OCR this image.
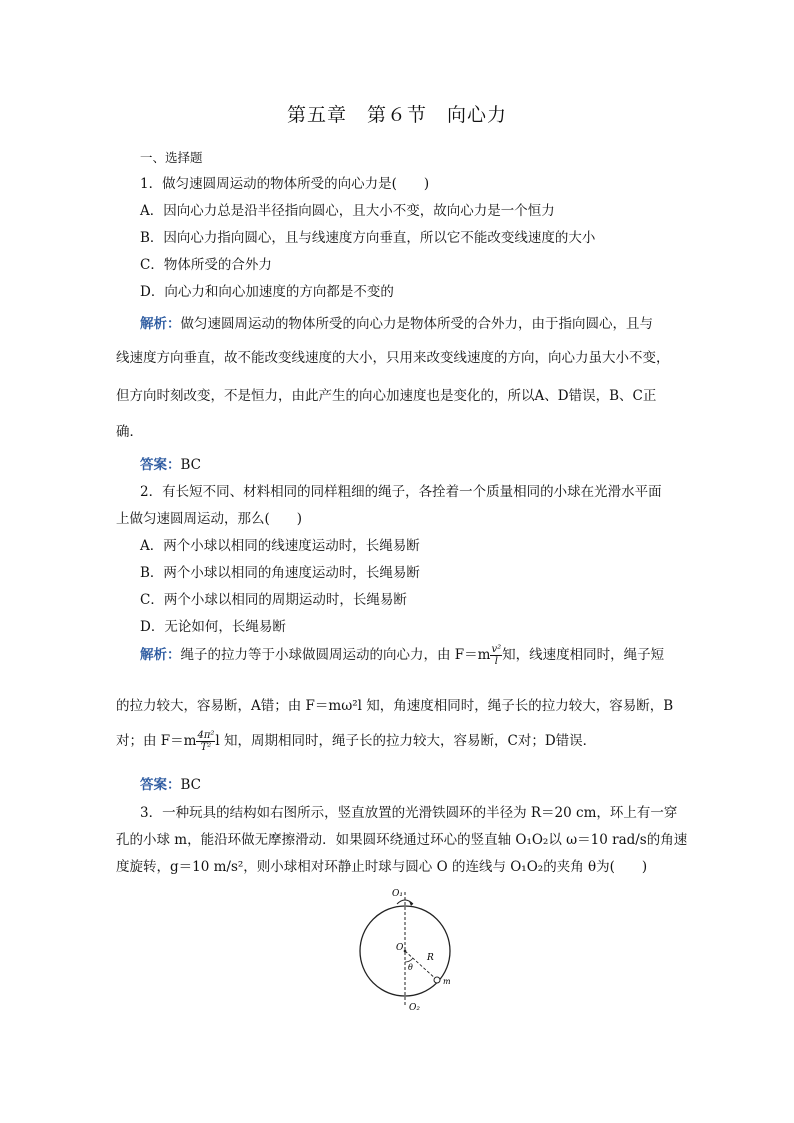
第五章　第６节　向心力
一、选择题
1．做匀速圆周运动的物体所受的向心力是(　　)
A．因向心力总是沿半径指向圆心，且大小不变，故向心力是一个恒力
B．因向心力指向圆心，且与线速度方向垂直，所以它不能改变线速度的大小
C．物体所受的合外力
D．向心力和向心加速度的方向都是不变的
解析：做匀速圆周运动的物体所受的向心力是物体所受的合外力，由于指向圆心，且与
线速度方向垂直，故不能改变线速度的大小，只用来改变线速度的方向，向心力虽大小不变，
但方向时刻改变，不是恒力，由此产生的向心加速度也是变化的，所以A、D错误，B、C正
确．
答案：BC
2．有长短不同、材料相同的同样粗细的绳子，各拴着一个质量相同的小球在光滑水平面
上做匀速圆周运动，那么(　　)
A．两个小球以相同的线速度运动时，长绳易断
B．两个小球以相同的角速度运动时，长绳易断
C．两个小球以相同的周期运动时，长绳易断
D．无论如何，长绳易断
解析：绳子的拉力等于小球做圆周运动的向心力，由 $F=m \frac{\text{v²}}{l}$ 知，线速度相同时，绳子短
的拉力较大，容易断，A错；由 F＝mω²l 知，角速度相同时，绳子长的拉力较大，容易断，B
对；由 $F=m \frac{\text{4π²}}{\text{T²}}$ l 知，周期相同时，绳子长的拉力较大，容易断，C对；D错误．
答案：BC
3．一种玩具的结构如右图所示，竖直放置的光滑铁圆环的半径为 R＝20 cm，环上有一穿
孔的小球 m，能沿环做无摩擦滑动．如果圆环绕通过环心的竖直轴 O₁O₂以 ω＝10 rad/s的角速
度旋转，g＝10 m/s²，则小球相对环静止时球与圆心 O 的连线与 O₁O₂的夹角 θ为(　　)
O₁
O
R
θ
m
O₂
